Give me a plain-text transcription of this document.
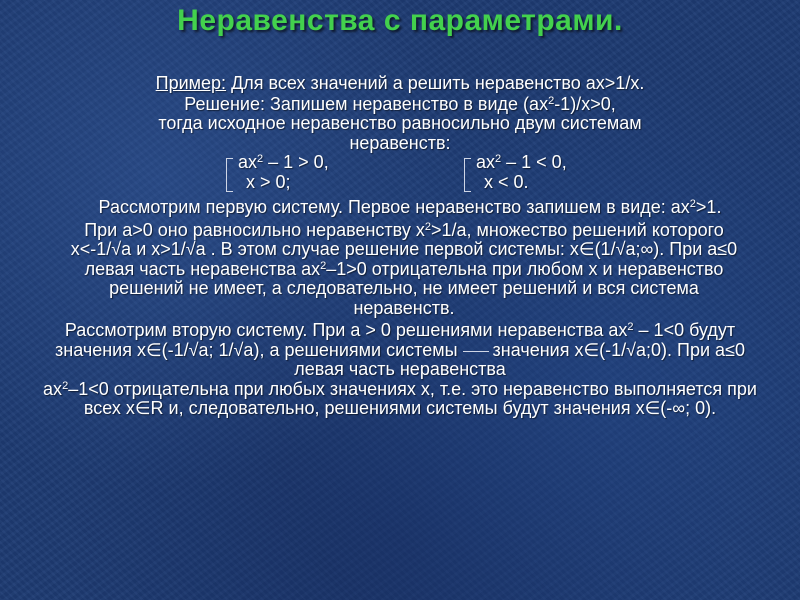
Неравенства с параметрами.

Пример: Для всех значений а решить неравенство ах>1/х.

Решение: Запишем неравенство в виде $(ах^2-1)/х>0$,

тогда исходное неравенство равносильно двум системам неравенств:

$ах^2 - 1 > 0$,
х > 0;
$ах^2 - 1 < 0$,
х < 0.

Рассмотрим первую систему. Первое неравенство запишем в виде: $ах^2>1$.

При а>0 оно равносильно неравенству $х^2>1/а$, множество решений которого х<-1/√а и х>1/√а . В этом случае решение первой системы: х∈(1/√а;∞). При а≤0 левая часть неравенства $ах^2-1>0$ отрицательна при любом х и неравенство решений не имеет, а следовательно, не имеет решений и вся система неравенств.

Рассмотрим вторую систему. При а > 0 решениями неравенства $ах^2 - 1<0$ будут значения х∈(-1/√а; 1/√а), а решениями системы значения х∈(-1/√а;0). При а≤0 левая часть неравенства

$ах^2-1<0$ отрицательна при любых значениях х, т.е. это неравенство выполняется при всех х∈R и, следовательно, решениями системы будут значения х∈(-∞; 0).
